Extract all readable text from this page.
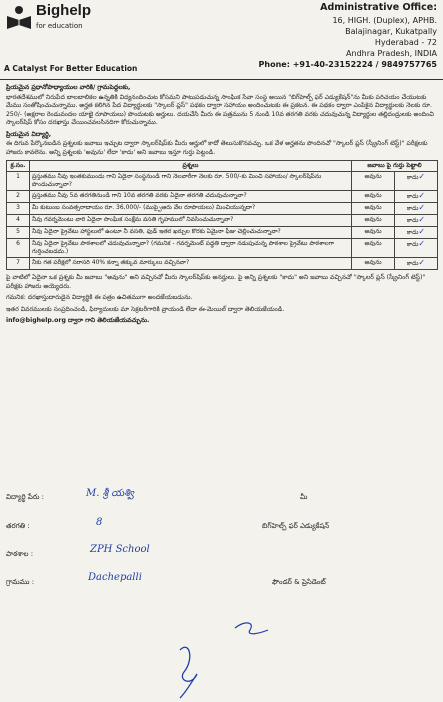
Bighelp
for education
A Catalyst For Better Education
Administrative Office:
16, HIGH. (Duplex), APHB.
Balajinagar, Kukatpally
Hyderabad - 72
Andhra Pradesh, INDIA
Phone: +91-40-23152224 / 9849757765

ప్రియమైన ప్రధానోపాధ్యాయుల వారికి/ గ్రామపెద్దలకు,

భారతదేశములో నిరుపేద బాలబాలికల ఉన్నతికి విద్యనందించుట కోసమని పాటుపడుచున్న సాంఘిక సేవా సంస్థ అయిన "బిగ్‌హెల్ప్ ఫర్ ఎడ్యుకేషన్"ను మీకు పరిచయం చేయుటకు మేము సంతోషించుచున్నాము. అర్హత కలిగిన పేద విద్యార్థులకు "స్కాలర్ ప్లస్" పథకం ద్వారా సహాయం అందించుటకు ఈ ప్రకటన. ఈ పథకం ద్వారా ఎంపికైన విద్యార్థులకు నెలకు రూ. 250/- (అక్షరాల రెండువందల యాభై రూపాయలు) పొందుటకు అర్హులు. దయచేసి మీరు ఈ పత్రమును 5 నుండి 10వ తరగతి వరకు చదువుచున్న విద్యార్థుల తల్లిదండ్రులకు అందించి స్కాలర్‌షిప్ కోసం దరఖాస్తు చేయించవలసినదిగా కోరుచున్నాము.

ప్రియమైన విద్యార్థి,

ఈ దిగువ పేర్కొనబడిన ప్రశ్నలకు జవాబు ఇచ్చుట ద్వారా స్కాలర్‌షిప్‌కు మీరు అర్హులో కాదో తెలుసుకొనవచ్చు. ఒక వేళ అర్హతను పొందినచో "స్కాలర్ ప్లస్ (స్క్రీనింగ్ టెస్ట్)" పరీక్షలకు హాజరు కావలెను. అన్ని ప్రశ్నలకు 'అవును' లేదా 'కాదు' అని జవాబు ఇస్తూ గుర్తు పెట్టండి.

క్ర.సం.	ప్రశ్నలు	జవాబు పై గుర్తు పెట్టాలి	
1	ప్రస్తుతము నీవు ఇంతకుముందు గాని ఏదైనా సంస్థనుండి గాని నెలవారీగా నెలకు రూ. 500/-కు మించి సహాయం/ స్కాలర్‌షిప్‌ను పొందుచున్నావా?	అవును	కాదు✓
2	ప్రస్తుతము నీవు 5వ తరగతినుండి గాని 10వ తరగతి వరకు ఏదైనా తరగతి చదువుచున్నావా?	అవును	కాదు✓
3	మీ కుటుంబ సంవత్సరాదాయం రూ. 36,000/- (ముప్పైఆరు వేల రూపాయలు) మించియున్నదా?	అవును	కాదు✓
4	నీవు గవర్నమెంటు వారి ఏదైనా సాంఘిక సంక్షేమ వసతి గృహములో నివసించుచున్నావా?	అవును	కాదు✓
5	నీవు ఏదైనా ప్రైవేటు హాస్టలులో ఉంటూ నీ వసతి, ఫుడ్ ఇతర ఖర్చుల కొరకు ఏమైనా ఫీజు చెల్లించుచున్నావా?	అవును	కాదు✓
6	నీవు ఏదైనా ప్రైవేటు పాఠశాలలో చదువుచున్నావా? (గమనిక - గవర్నమెంట్ పద్ధతి ద్వారా నడుపుచున్న పాఠశాల ప్రైవేటు పాఠశాలగా గుర్తించబడదు.)	అవును	కాదు✓
7	నీకు గత పరీక్షలో సరాసరి 40% కన్నా తక్కువ మార్కులు వచ్చినవా?	అవును	కాదు✓

పై వాటిలో ఏదైనా ఒక ప్రశ్నకు మీ జవాబు "అవును" అని వచ్చినచో మీరు స్కాలర్‌షిప్‌కు అనర్హులు. పై అన్ని ప్రశ్నలకు "కాదు" అని జవాబు వచ్చినచో "స్కాలర్ ప్లస్ (స్క్రీనింగ్ టెస్ట్)" పరీక్షకు హాజరు అయ్యెదరు.

గమనిక: దరఖాస్తుదారుడైన విద్యార్థికి ఈ పత్రం ఉచితముగా అందజేయబడును.

ఇతర వివరములకు సంప్రదించండి, ఫిర్యాదులకు మా సెక్రటరీగారికి వ్రాయండి లేదా ఈ-మెయిల్ ద్వారా తెలియజేయండి.

info@bighelp.org ద్వారా గాని తెలియజేయవచ్చును.

విద్యార్థి పేరు :	M. శ్రీ యశ్వి
తరగతి :	8
పాఠశాల :	ZPH School
గ్రామము :	Dachepalli
మీ
బిగ్‌హెల్ప్ ఫర్ ఎడ్యుకేషన్
ఫౌండర్ & ప్రెసిడెంట్
